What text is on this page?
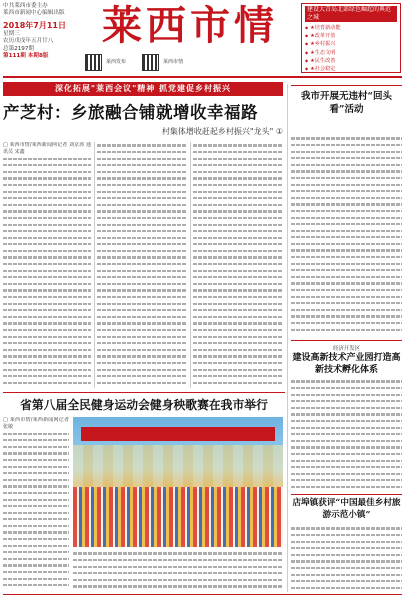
中共莱西市委主办
莱西市新闻中心编辑出版
2018年7月11日
星期三
农历戊戌年五月廿八
总第2197期
第111期 本期8版
莱西市情
莱西发布	莱西市情
建设大青岛北部绿色崛起的典范之城
◆ ★培育新动能
◆ ★改革开放
◆ ★乡村振兴
◆ ★生态文明
◆ ★民生改善
◆ ★社会稳定
深化拓展"莱西会议"精神 抓党建促乡村振兴
产芝村：乡旅融合铺就增收幸福路
村集体增收赶起乡村振兴"龙头" ①
□ 莱西市情/莱西新闻网记者 刘京涛 通讯员 宋鑫
我市开展无违村“回头看”活动
经济开发区
建设高新技术产业园打造高新技术孵化体系
店埠镇获评“中国最佳乡村旅游示范小镇”
省第八届全民健身运动会健身秧歌赛在我市举行
□ 莱西市情/莱西新闻网记者 张敏
